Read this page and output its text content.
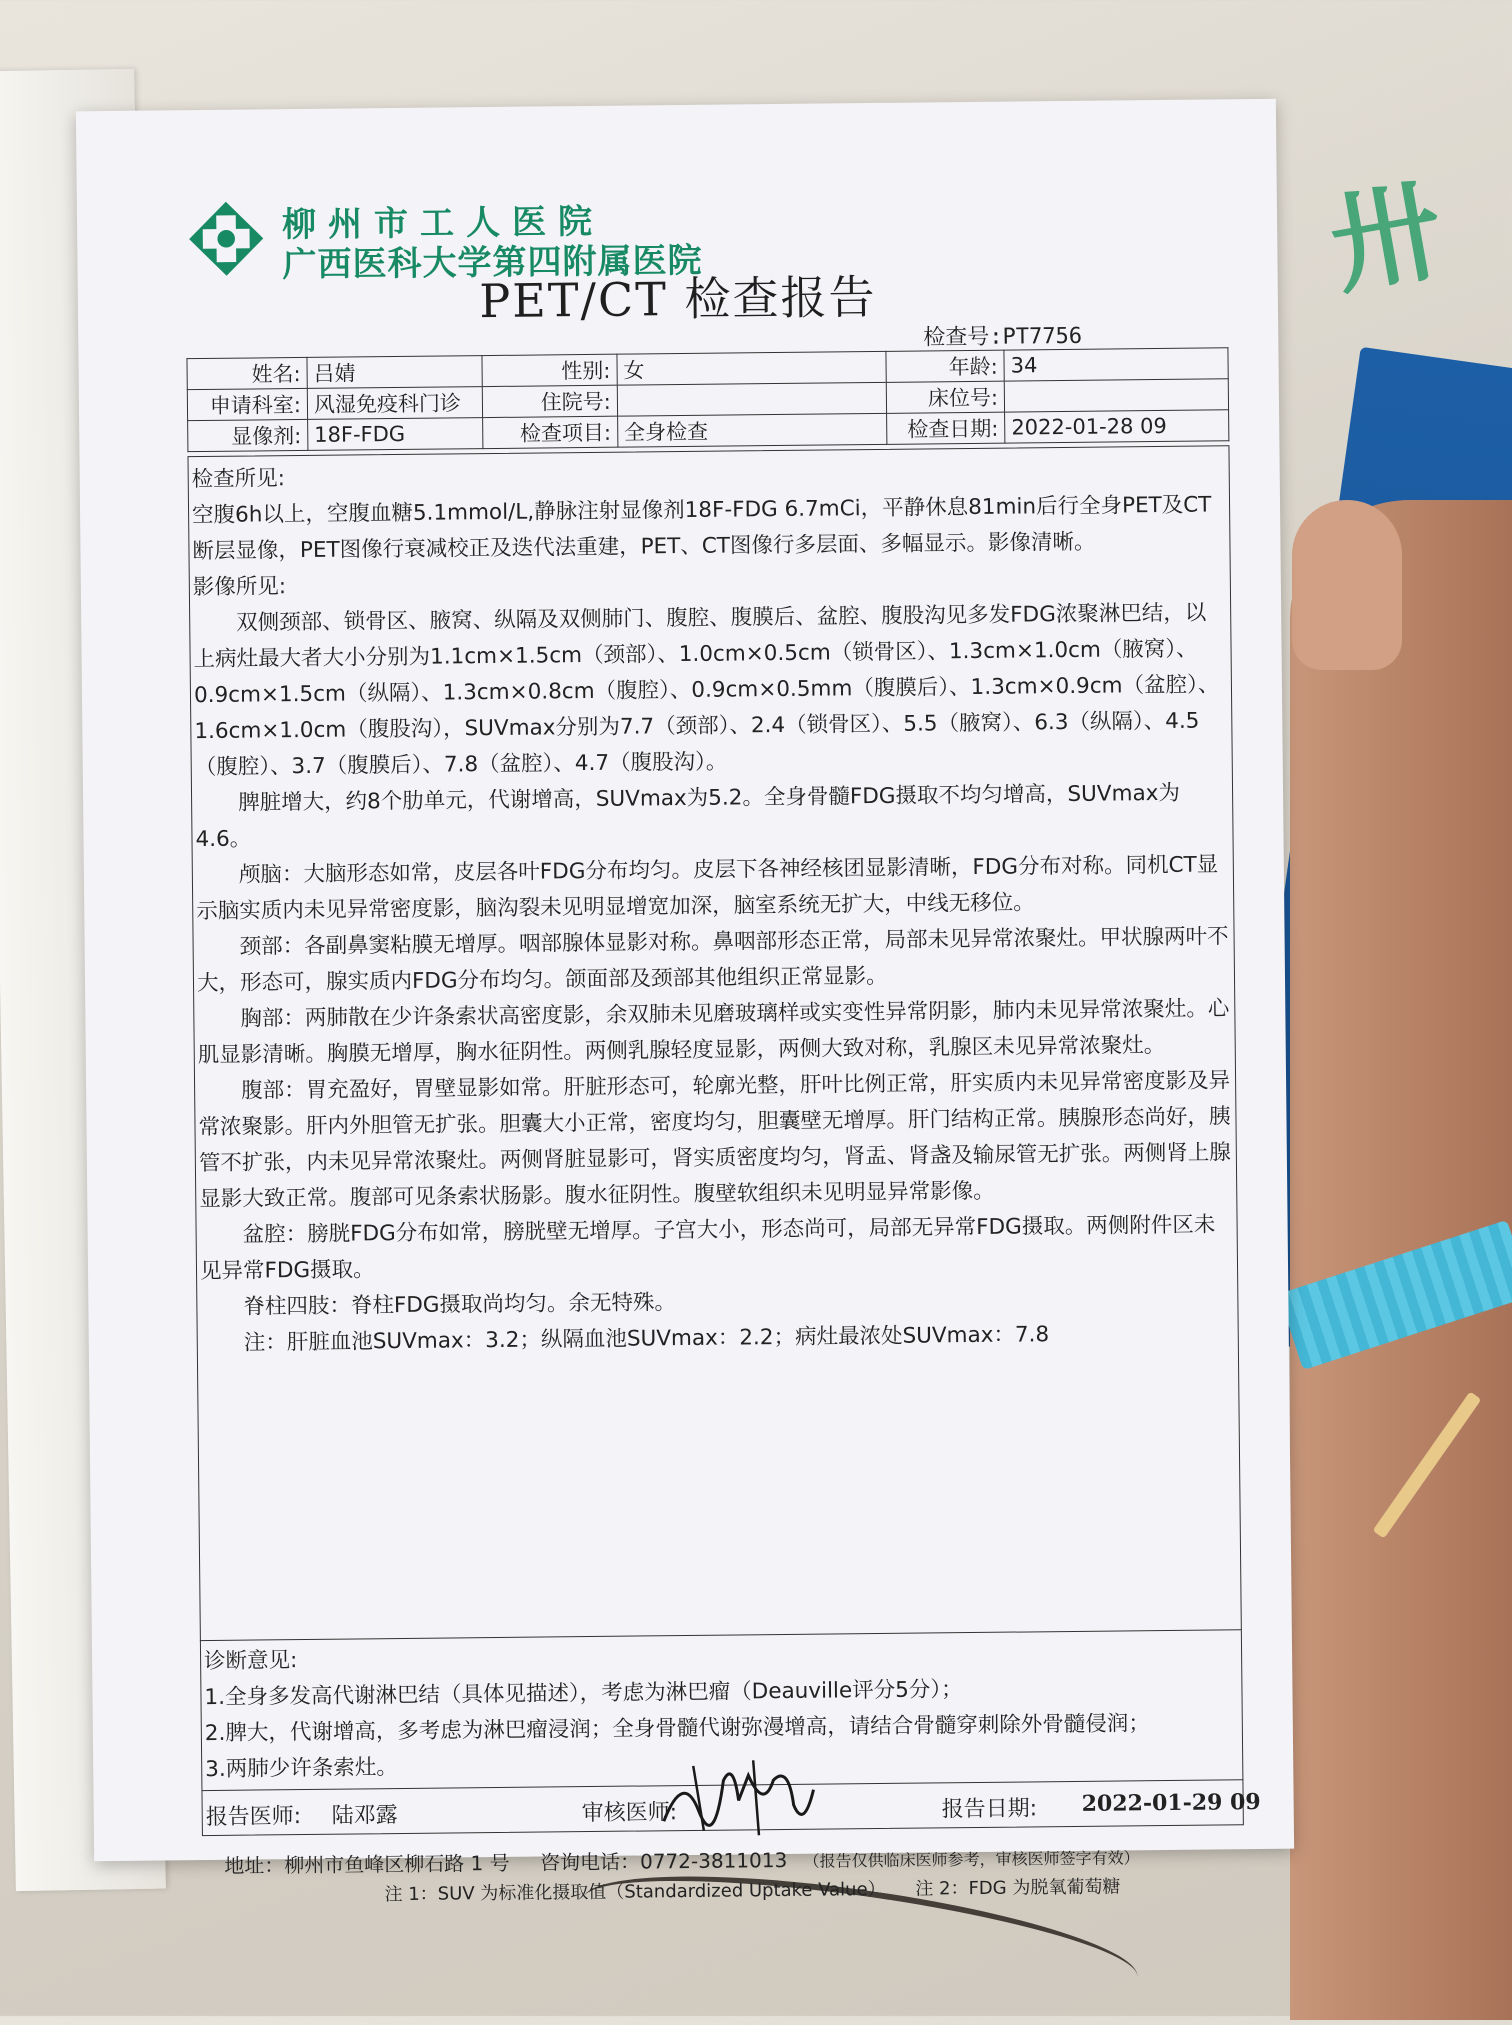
卅
柳州市工人医院
广西医科大学第四附属医院
PET/CT 检查报告
检查号:PT7756
姓名:	吕婧	性别:	女	年龄:	34
申请科室:	风湿免疫科门诊	住院号:		床位号:	
显像剂:	18F-FDG	检查项目:	全身检查	检查日期:	2022-01-28 09

检查所见:

空腹6h以上，空腹血糖5.1mmol/L,静脉注射显像剂18F-FDG 6.7mCi，平静休息81min后行全身PET及CT断层显像，PET图像行衰减校正及迭代法重建，PET、CT图像行多层面、多幅显示。影像清晰。

影像所见:

双侧颈部、锁骨区、腋窝、纵隔及双侧肺门、腹腔、腹膜后、盆腔、腹股沟见多发FDG浓聚淋巴结，以上病灶最大者大小分别为1.1cm×1.5cm（颈部）、1.0cm×0.5cm（锁骨区）、1.3cm×1.0cm（腋窝）、0.9cm×1.5cm（纵隔）、1.3cm×0.8cm（腹腔）、0.9cm×0.5mm（腹膜后）、1.3cm×0.9cm（盆腔）、1.6cm×1.0cm（腹股沟），SUVmax分别为7.7（颈部）、2.4（锁骨区）、5.5（腋窝）、6.3（纵隔）、4.5（腹腔）、3.7（腹膜后）、7.8（盆腔）、4.7（腹股沟）。

脾脏增大，约8个肋单元，代谢增高，SUVmax为5.2。全身骨髓FDG摄取不均匀增高，SUVmax为4.6。

颅脑：大脑形态如常，皮层各叶FDG分布均匀。皮层下各神经核团显影清晰，FDG分布对称。同机CT显示脑实质内未见异常密度影，脑沟裂未见明显增宽加深，脑室系统无扩大，中线无移位。

颈部：各副鼻窦粘膜无增厚。咽部腺体显影对称。鼻咽部形态正常，局部未见异常浓聚灶。甲状腺两叶不大，形态可，腺实质内FDG分布均匀。颌面部及颈部其他组织正常显影。

胸部：两肺散在少许条索状高密度影，余双肺未见磨玻璃样或实变性异常阴影，肺内未见异常浓聚灶。心肌显影清晰。胸膜无增厚，胸水征阴性。两侧乳腺轻度显影，两侧大致对称，乳腺区未见异常浓聚灶。

腹部：胃充盈好，胃壁显影如常。肝脏形态可，轮廓光整，肝叶比例正常，肝实质内未见异常密度影及异常浓聚影。肝内外胆管无扩张。胆囊大小正常，密度均匀，胆囊壁无增厚。肝门结构正常。胰腺形态尚好，胰管不扩张，内未见异常浓聚灶。两侧肾脏显影可，肾实质密度均匀，肾盂、肾盏及输尿管无扩张。两侧肾上腺显影大致正常。腹部可见条索状肠影。腹水征阴性。腹壁软组织未见明显异常影像。

盆腔：膀胱FDG分布如常，膀胱壁无增厚。子宫大小，形态尚可，局部无异常FDG摄取。两侧附件区未见异常FDG摄取。

脊柱四肢：脊柱FDG摄取尚均匀。余无特殊。

注：肝脏血池SUVmax：3.2；纵隔血池SUVmax：2.2；病灶最浓处SUVmax：7.8

诊断意见:

1.全身多发高代谢淋巴结（具体见描述），考虑为淋巴瘤（Deauville评分5分）；

2.脾大，代谢增高，多考虑为淋巴瘤浸润；全身骨髓代谢弥漫增高，请结合骨髓穿刺除外骨髓侵润；

3.两肺少许条索灶。

报告医师: 陆邓露	审核医师:	报告日期: 2022-01-29 09
地址：柳州市鱼峰区柳石路 1 号 咨询电话：0772-3811013 （报告仅供临床医师参考，审核医师签字有效）
注 1：SUV 为标准化摄取值（Standardized Uptake Value） 注 2：FDG 为脱氧葡萄糖
